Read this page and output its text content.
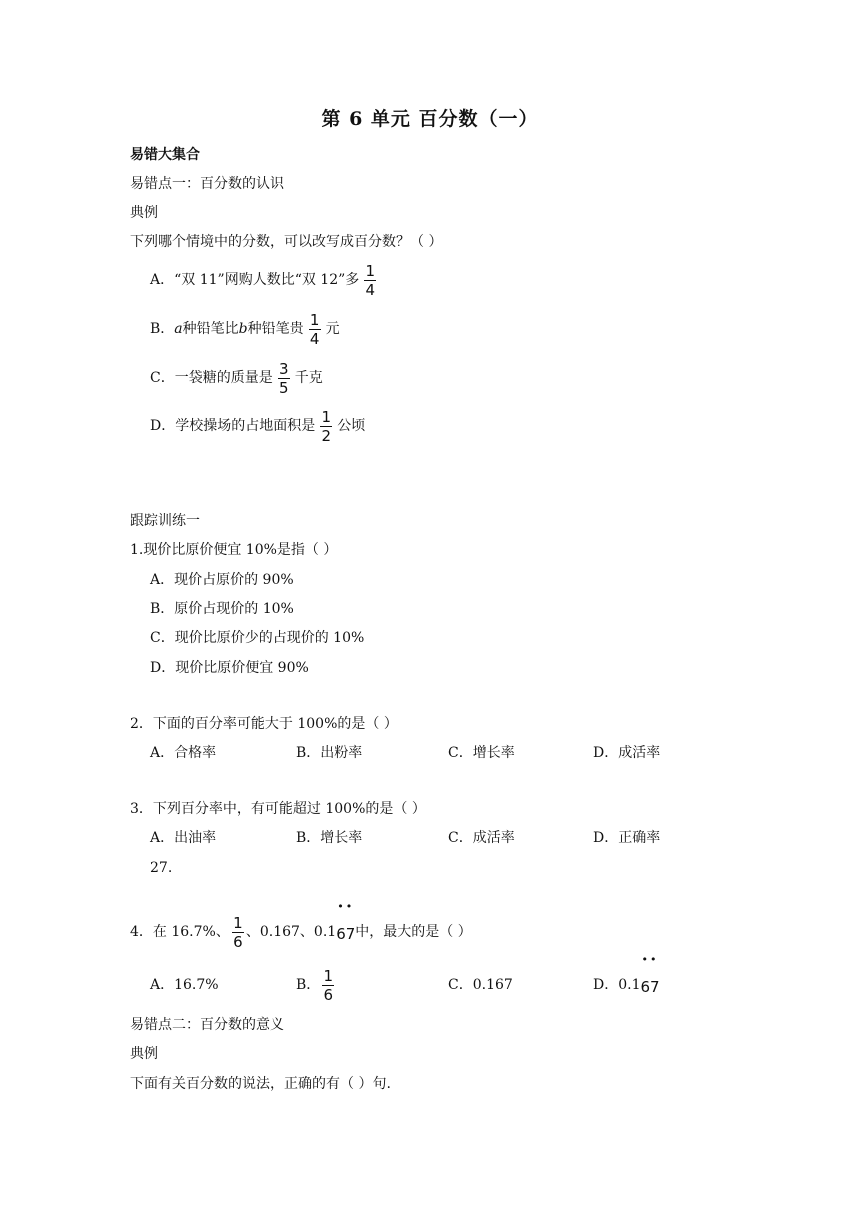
第 6 单元 百分数（一）
易错大集合
易错点一：百分数的认识
典例
下列哪个情境中的分数，可以改写成百分数？（ ）
A．“双 11”网购人数比“双 12”多 $\frac{1}{4}$
B．a种铅笔比b种铅笔贵 $\frac{1}{4}$ 元
C．一袋糖的质量是 $\frac{3}{5}$ 千克
D．学校操场的占地面积是 $\frac{1}{2}$ 公顷
跟踪训练一
1.现价比原价便宜 10%是指（ ）
A．现价占原价的 90%
B．原价占现价的 10%
C．现价比原价少的占现价的 10%
D．现价比原价便宜 90%
2．下面的百分率可能大于 100%的是（ ）
A．合格率	B．出粉率	C．增长率	D．成活率
3．下列百分率中，有可能超过 100%的是（ ）
A．出油率	B．增长率	C．成活率	D．正确率
27.
4．在 16.7%、 $\frac{1}{6}$ 、0.167、0.1
••
67中，最大的是（ ）
A．16.7%	B． $\frac{1}{6}$	C．0.167	D．0.1
••
67
易错点二：百分数的意义
典例
下面有关百分数的说法，正确的有（ ）句.
